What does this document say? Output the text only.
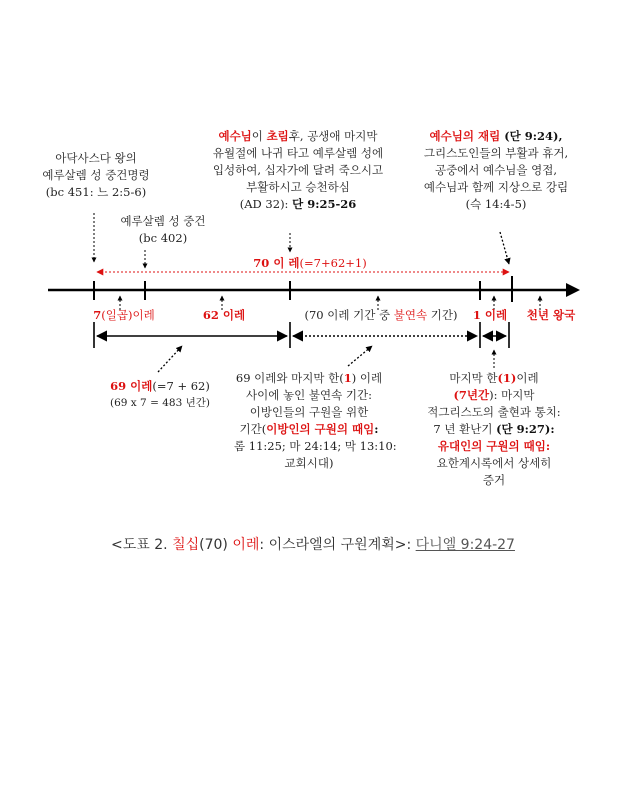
아닥사스다 왕의
예루살렘 성 중건명령
(bc 451: 느 2:5-6)
예루살렘 성 중건
(bc 402)
예수님이 초림후, 공생애 마지막
유월절에 나귀 타고 예루살렘 성에
입성하여, 십자가에 달려 죽으시고
부활하시고 승천하심
(AD 32): 단 9:25-26
예수님의 재림 (단 9:24),
그리스도인들의 부활과 휴거,
공중에서 예수님을 영접,
예수님과 함께 지상으로 강림
(슥 14:4-5)
70 이 레(=7+62+1)
7(일곱)이레	62 이레	(70 이레 기간 중 불연속 기간)	1 이레	천년 왕국
69 이레(=7 + 62)
(69 x 7 = 483 년간)
69 이레와 마지막 한(1) 이레
사이에 놓인 불연속 기간:
이방인들의 구원을 위한
기간(이방인의 구원의 때임:
롬 11:25; 마 24:14; 막 13:10:
교회시대)
마지막 한(1)이레
(7년간): 마지막
적그리스도의 출현과 통치:
7 년 환난기 (단 9:27):
유대인의 구원의 때임:
요한계시록에서 상세히
증거
<도표 2. 칠십(70) 이레: 이스라엘의 구원계획>: 다니엘 9:24-27
